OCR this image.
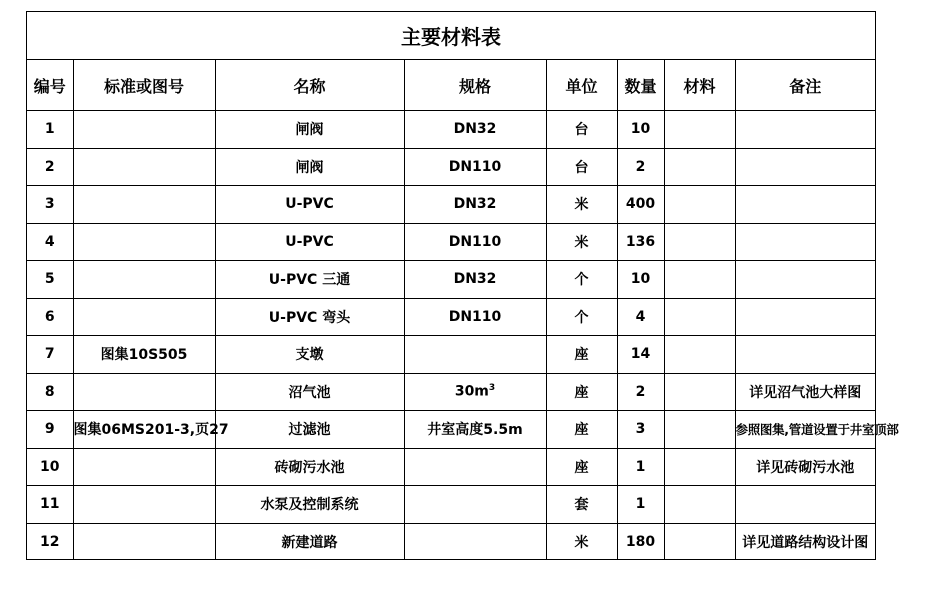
主要材料表
编号	标准或图号	名称	规格	单位	数量	材料	备注
1		闸阀	DN32	台	10		
2		闸阀	DN110	台	2		
3		U-PVC	DN32	米	400		
4		U-PVC	DN110	米	136		
5		U-PVC 三通	DN32	个	10		
6		U-PVC 弯头	DN110	个	4		
7	图集10S505	支墩		座	14		
8		沼气池	$30m^3$	座	2		详见沼气池大样图
9	图集06MS201-3,页27	过滤池	井室高度5.5m	座	3		参照图集,管道设置于井室顶部
10		砖砌污水池		座	1		详见砖砌污水池
11		水泵及控制系统		套	1		
12		新建道路		米	180		详见道路结构设计图
